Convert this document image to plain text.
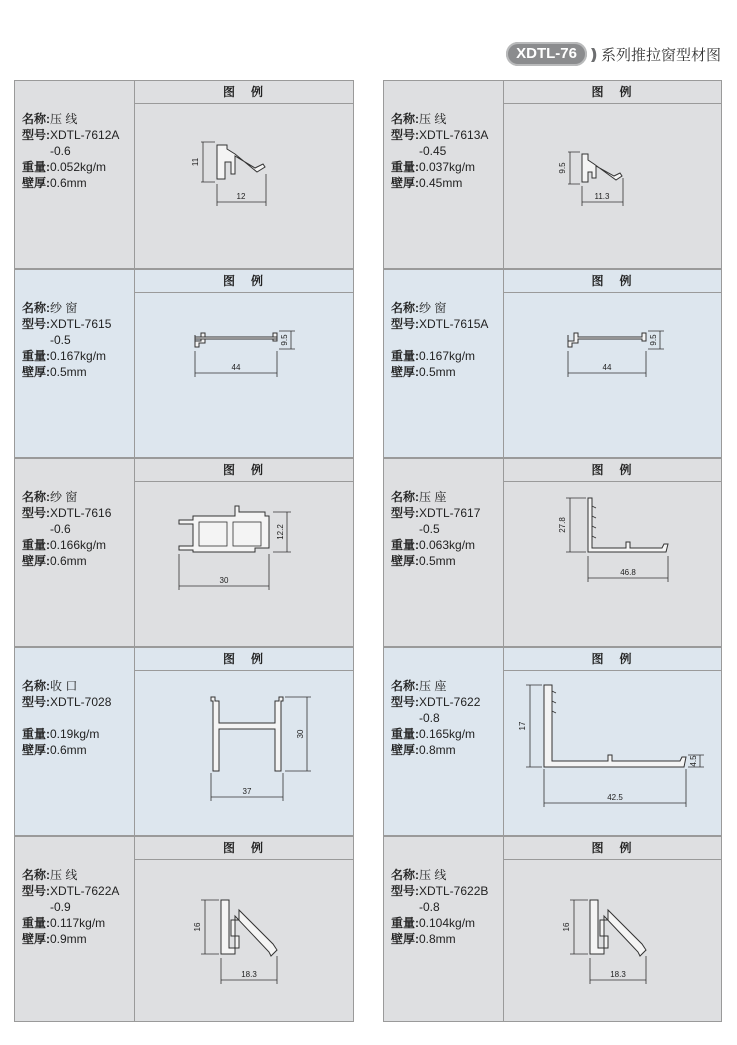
XDTL-76 )) 系列推拉窗型材图
名称:压 线
型号:XDTL-7612A
-0.6
重量:0.052kg/m
壁厚:0.6mm
图　例
11
12
名称:压 线
型号:XDTL-7613A
-0.45
重量:0.037kg/m
壁厚:0.45mm
图　例
9.5
11.3
名称:纱 窗
型号:XDTL-7615
-0.5
重量:0.167kg/m
壁厚:0.5mm
图　例
9.5
44
名称:纱 窗
型号:XDTL-7615A
重量:0.167kg/m
壁厚:0.5mm
图　例
9.5
44
名称:纱 窗
型号:XDTL-7616
-0.6
重量:0.166kg/m
壁厚:0.6mm
图　例
12.2
30
名称:压 座
型号:XDTL-7617
-0.5
重量:0.063kg/m
壁厚:0.5mm
图　例
27.8
46.8
名称:收 口
型号:XDTL-7028
重量:0.19kg/m
壁厚:0.6mm
图　例
30
37
名称:压 座
型号:XDTL-7622
-0.8
重量:0.165kg/m
壁厚:0.8mm
图　例
17
4.5
42.5
名称:压 线
型号:XDTL-7622A
-0.9
重量:0.117kg/m
壁厚:0.9mm
图　例
16
18.3
名称:压 线
型号:XDTL-7622B
-0.8
重量:0.104kg/m
壁厚:0.8mm
图　例
16
18.3
